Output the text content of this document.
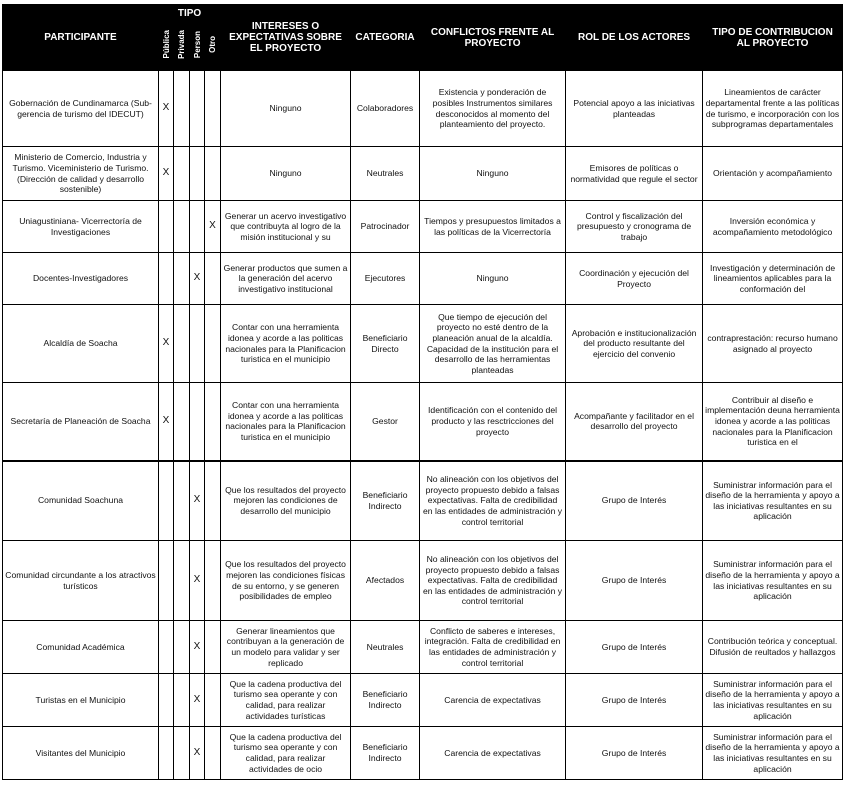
PARTICIPANTE	TIPO				INTERESES O EXPECTATIVAS SOBRE EL PROYECTO	CATEGORIA	CONFLICTOS FRENTE AL PROYECTO	ROL DE LOS ACTORES	TIPO DE CONTRIBUCION AL PROYECTO
	Pública	Privada	Person	Otro					
Gobernación de Cundinamarca (Sub-gerencia de turismo del IDECUT)	X				Ninguno	Colaboradores	Existencia y ponderación de posibles Instrumentos similares desconocidos al momento del planteamiento del proyecto.	Potencial apoyo a las iniciativas planteadas	Lineamientos de carácter departamental frente a las políticas de turismo, e incorporación con los subprogramas departamentales
Ministerio de Comercio, Industria y Turismo. Viceministerio de Turismo. (Dirección de calidad y desarrollo sostenible)	X				Ninguno	Neutrales	Ninguno	Emisores de políticas o normatividad que regule el sector	Orientación y acompañamiento
Uniagustiniana- Vicerrectoría de Investigaciones				X	Generar un acervo investigativo que contribuyta al logro de la misión institucional y su	Patrocinador	Tiempos y presupuestos limitados a las políticas de la Vicerrectoría	Control y fiscalización del presupuesto y cronograma de trabajo	Inversión económica y acompañamiento metodológico
Docentes-Investigadores			X		Generar productos que sumen a la generación del acervo investigativo institucional	Ejecutores	Ninguno	Coordinación y ejecución del Proyecto	Investigación y determinación de lineamientos aplicables para la conformación del
Alcaldía de Soacha	X				Contar con una herramienta idonea y acorde a las politicas nacionales para la Planificacion turistica en el municipio	Beneficiario Directo	Que tiempo de ejecución del proyecto no esté dentro de la planeación anual de la alcaldía. Capacidad de la institución para el desarrollo de las herramientas planteadas	Aprobación e institucionalización del producto resultante del ejercicio del convenio	contraprestación: recurso humano asignado al proyecto
Secretaría de Planeación de Soacha	X				Contar con una herramienta idonea y acorde a las politicas nacionales para la Planificacion turistica en el municipio	Gestor	Identificación con el contenido del producto y las resctricciones del proyecto	Acompañante y facilitador en el desarrollo del proyecto	Contribuir al diseño e implementación deuna herramienta idonea y acorde a las politicas nacionales para la Planificacion turistica en el
Comunidad Soachuna			X		Que los resultados del proyecto mejoren las condiciones de desarrollo del municipio	Beneficiario Indirecto	No alineación con los objetivos del proyecto propuesto debido a falsas expectativas. Falta de credibilidad en las entidades de administración y control territorial	Grupo de Interés	Suministrar información para el diseño de la herramienta y apoyo a las iniciativas resultantes en su aplicación
Comunidad circundante a los atractivos turísticos			X		Que los resultados del proyecto mejoren las condiciones físicas de su entorno, y se generen posibilidades de empleo	Afectados	No alineación con los objetivos del proyecto propuesto debido a falsas expectativas. Falta de credibilidad en las entidades de administración y control territorial	Grupo de Interés	Suministrar información para el diseño de la herramienta y apoyo a las iniciativas resultantes en su aplicación
Comunidad Académica			X		Generar lineamientos que contribuyan a la generación de un modelo para validar y ser replicado	Neutrales	Conflicto de saberes e intereses, integración. Falta de credibilidad en las entidades de administración y control territorial	Grupo de Interés	Contribución teórica y conceptual. Difusión de reultados y hallazgos
Turistas en el Municipio			X		Que la cadena productiva del turismo sea operante y con calidad, para realizar actividades turísticas	Beneficiario Indirecto	Carencia de expectativas	Grupo de Interés	Suministrar información para el diseño de la herramienta y apoyo a las iniciativas resultantes en su aplicación
Visitantes del Municipio			X		Que la cadena productiva del turismo sea operante y con calidad, para realizar actividades de ocio	Beneficiario Indirecto	Carencia de expectativas	Grupo de Interés	Suministrar información para el diseño de la herramienta y apoyo a las iniciativas resultantes en su aplicación
